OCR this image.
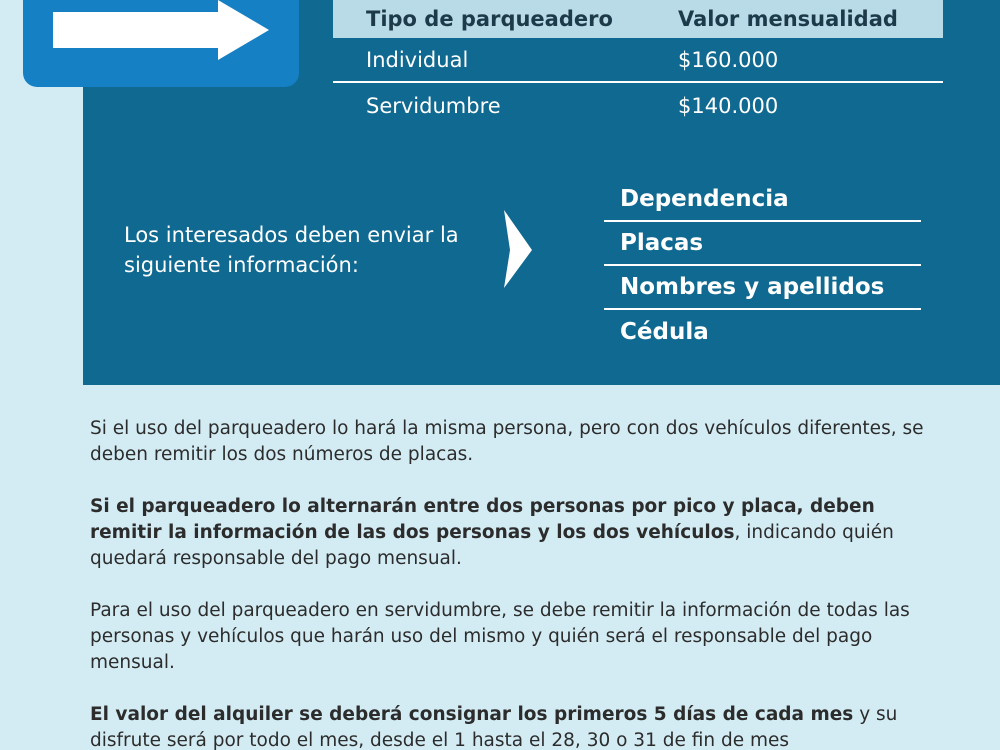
Tipo de parqueadero	Valor mensualidad
Individual	$160.000
Servidumbre	$140.000
Los interesados deben enviar la siguiente información:
Dependencia
Placas
Nombres y apellidos
Cédula

Si el uso del parqueadero lo hará la misma persona, pero con dos vehículos diferentes, se deben remitir los dos números de placas.

Si el parqueadero lo alternarán entre dos personas por pico y placa, deben remitir la información de las dos personas y los dos vehículos, indicando quién quedará responsable del pago mensual.

Para el uso del parqueadero en servidumbre, se debe remitir la información de todas las personas y vehículos que harán uso del mismo y quién será el responsable del pago mensual.

El valor del alquiler se deberá consignar los primeros 5 días de cada mes y su disfrute será por todo el mes, desde el 1 hasta el 28, 30 o 31 de fin de mes
